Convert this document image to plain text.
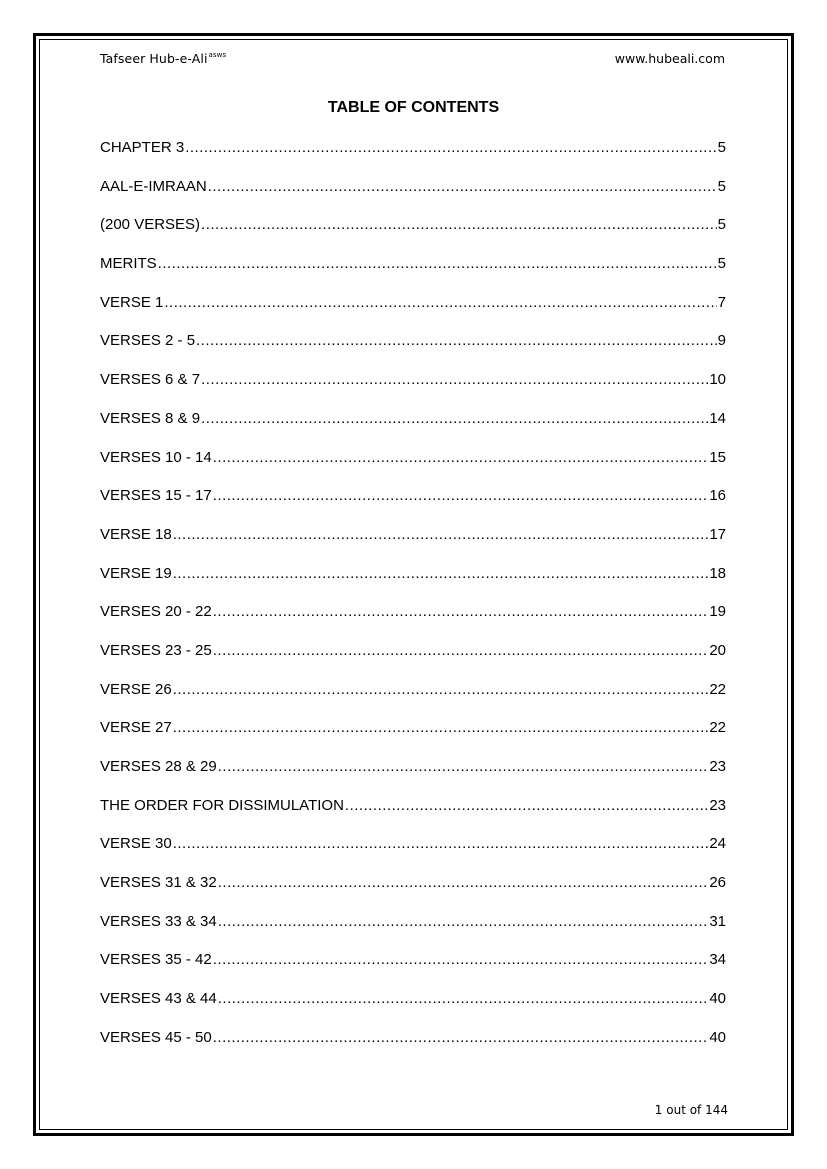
Tafseer Hub-e-Ali$^{asws}$	www.hubeali.com
TABLE OF CONTENTS
CHAPTER 3 .....	5
AAL-E-IMRAAN .....	5
(200 VERSES) .....	5
MERITS .....	5
VERSE 1 .....	7
VERSES 2 - 5 .....	9
VERSES 6 & 7 .....	10
VERSES 8 & 9 .....	14
VERSES 10 - 14 .....	15
VERSES 15 - 17 .....	16
VERSE 18 .....	17
VERSE 19 .....	18
VERSES 20 - 22 .....	19
VERSES 23 - 25 .....	20
VERSE 26 .....	22
VERSE 27 .....	22
VERSES 28 & 29 .....	23
THE ORDER FOR DISSIMULATION .....	23
VERSE 30 .....	24
VERSES 31 & 32 .....	26
VERSES 33 & 34 .....	31
VERSES 35 - 42 .....	34
VERSES 43 & 44 .....	40
VERSES 45 - 50 .....	40
1 out of 144
